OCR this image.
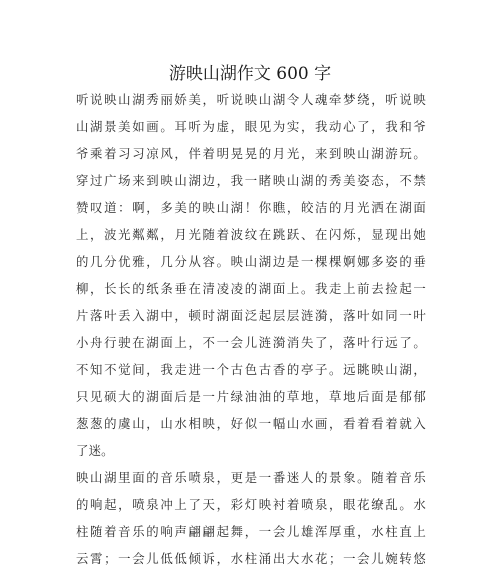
游映山湖作文 600 字
听说映山湖秀丽娇美，听说映山湖令人魂牵梦绕，听说映
山湖景美如画。耳听为虚，眼见为实，我动心了，我和爷
爷乘着习习凉风，伴着明晃晃的月光，来到映山湖游玩。
穿过广场来到映山湖边，我一睹映山湖的秀美姿态，不禁
赞叹道：啊，多美的映山湖！你瞧，皎洁的月光洒在湖面
上，波光粼粼，月光随着波纹在跳跃、在闪烁，显现出她
的几分优雅，几分从容。映山湖边是一棵棵婀娜多姿的垂
柳，长长的纸条垂在清凌凌的湖面上。我走上前去捡起一
片落叶丢入湖中，顿时湖面泛起层层涟漪，落叶如同一叶
小舟行驶在湖面上，不一会儿涟漪消失了，落叶行远了。
不知不觉间，我走进一个古色古香的亭子。远眺映山湖，
只见硕大的湖面后是一片绿油油的草地，草地后面是郁郁
葱葱的虞山，山水相映，好似一幅山水画，看着看着就入
了迷。
映山湖里面的音乐喷泉，更是一番迷人的景象。随着音乐
的响起，喷泉冲上了天，彩灯映衬着喷泉，眼花缭乱。水
柱随着音乐的响声翩翩起舞，一会儿雄浑厚重，水柱直上
云霄；一会儿低低倾诉，水柱涌出大水花；一会儿婉转悠
